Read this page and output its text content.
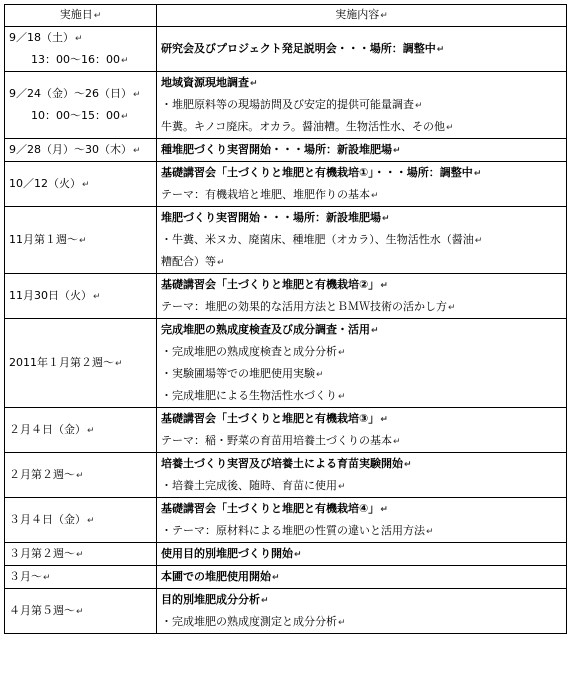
実施日↵	実施内容↵

9／18（土）↵
13：00～16：00↵	研究会及びプロジェクト発足説明会・・・場所：調整中↵

9／24（金）～26（日）↵
10：00～15：00↵	地域資源現地調査↵
・堆肥原料等の現場訪問及び安定的提供可能量調査↵
牛糞。キノコ廃床。オカラ。醤油糟。生物活性水、その他↵

9／28（月）～30（木）↵	種堆肥づくり実習開始・・・場所：新設堆肥場↵

10／12（火）↵	基礎講習会「土づくりと堆肥と有機栽培①」・・・場所：調整中↵
テーマ：有機栽培と堆肥、堆肥作りの基本↵

11月第１週～↵	堆肥づくり実習開始・・・場所：新設堆肥場↵
・牛糞、米ヌカ、廃菌床、種堆肥（オカラ）、生物活性水（醤油↵
糟配合）等↵

11月30日（火）↵	基礎講習会「土づくりと堆肥と有機栽培②」↵
テーマ：堆肥の効果的な活用方法とＢＭＷ技術の活かし方↵

2011年１月第２週～↵	完成堆肥の熟成度検査及び成分調査・活用↵
・完成堆肥の熟成度検査と成分分析↵
・実験圃場等での堆肥使用実験↵
・完成堆肥による生物活性水づくり↵

２月４日（金）↵	基礎講習会「土づくりと堆肥と有機栽培③」↵
テーマ：稲・野菜の育苗用培養土づくりの基本↵

２月第２週～↵	培養土づくり実習及び培養土による育苗実験開始↵
・培養土完成後、随時、育苗に使用↵

３月４日（金）↵	基礎講習会「土づくりと堆肥と有機栽培④」↵
・テーマ：原材料による堆肥の性質の違いと活用方法↵

３月第２週～↵	使用目的別堆肥づくり開始↵

３月～↵	本圃での堆肥使用開始↵

４月第５週～↵	目的別堆肥成分分析↵
・完成堆肥の熟成度測定と成分分析↵
